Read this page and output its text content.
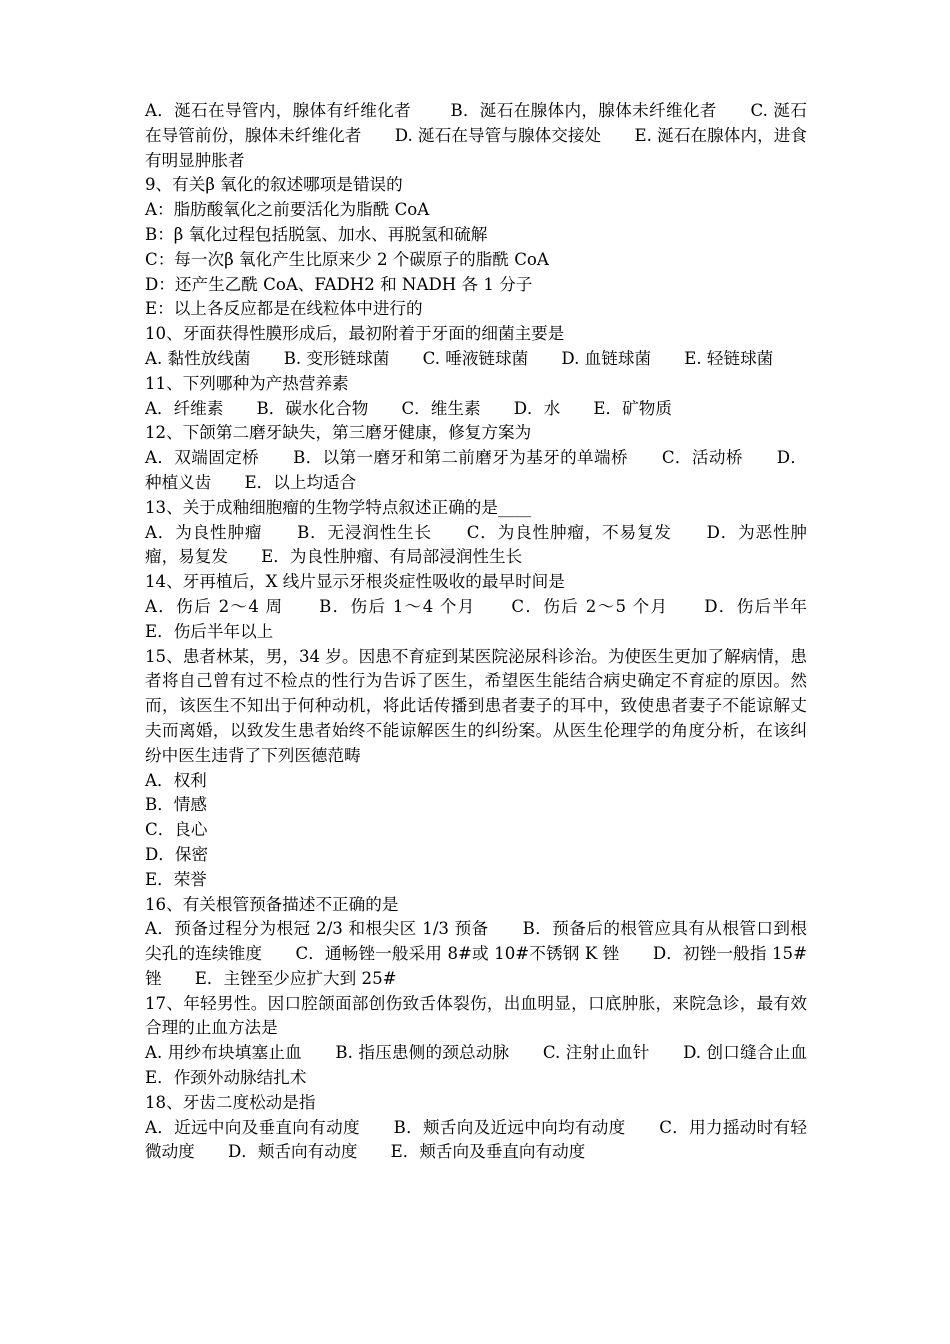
A．涎石在导管内，腺体有纤维化者　　 B．涎石在腺体内，腺体未纤维化者　　C. 涎石在导管前份，腺体未纤维化者　　D. 涎石在导管与腺体交接处　　E. 涎石在腺体内，进食有明显肿胀者

9、有关β 氧化的叙述哪项是错误的

A：脂肪酸氧化之前要活化为脂酰 CoA

B：β 氧化过程包括脱氢、加水、再脱氢和硫解

C：每一次β 氧化产生比原来少 2 个碳原子的脂酰 CoA

D：还产生乙酰 CoA、FADH2 和 NADH 各 1 分子

E：以上各反应都是在线粒体中进行的

10、牙面获得性膜形成后，最初附着于牙面的细菌主要是

A. 黏性放线菌　　B. 变形链球菌　　C. 唾液链球菌　　D. 血链球菌　　E. 轻链球菌

11、下列哪种为产热营养素

A．纤维素　　B．碳水化合物　　C．维生素　　D．水　　E．矿物质

12、下颌第二磨牙缺失，第三磨牙健康，修复方案为

A．双端固定桥　　B．以第一磨牙和第二前磨牙为基牙的单端桥　　C．活动桥　　D．种植义齿　　E．以上均适合

13、关于成釉细胞瘤的生物学特点叙述正确的是____

A．为良性肿瘤　　B．无浸润性生长　　C．为良性肿瘤，不易复发　　D．为恶性肿瘤，易复发　　E．为良性肿瘤、有局部浸润性生长

14、牙再植后，X 线片显示牙根炎症性吸收的最早时间是

A．伤后 2～4 周　　B．伤后 1～4 个月　　C．伤后 2～5 个月　　D．伤后半年　　E．伤后半年以上

15、患者林某，男，34 岁。因患不育症到某医院泌尿科诊治。为使医生更加了解病情，患者将自己曾有过不检点的性行为告诉了医生，希望医生能结合病史确定不育症的原因。然而，该医生不知出于何种动机，将此话传播到患者妻子的耳中，致使患者妻子不能谅解丈夫而离婚，以致发生患者始终不能谅解医生的纠纷案。从医生伦理学的角度分析，在该纠纷中医生违背了下列医德范畴

A．权利

B．情感

C．良心

D．保密

E．荣誉

16、有关根管预备描述不正确的是

A．预备过程分为根冠 2/3 和根尖区 1/3 预备　　B．预备后的根管应具有从根管口到根尖孔的连续锥度　　C．通畅锉一般采用 8#或 10#不锈钢 K 锉　　D．初锉一般指 15#锉　　E．主锉至少应扩大到 25#

17、年轻男性。因口腔颌面部创伤致舌体裂伤，出血明显，口底肿胀，来院急诊，最有效合理的止血方法是

A. 用纱布块填塞止血　　B. 指压患侧的颈总动脉　　C. 注射止血针　　D. 创口缝合止血　　E．作颈外动脉结扎术

18、牙齿二度松动是指

A．近远中向及垂直向有动度　　B．颊舌向及近远中向均有动度　　C．用力摇动时有轻微动度　　D．颊舌向有动度　　E．颊舌向及垂直向有动度
